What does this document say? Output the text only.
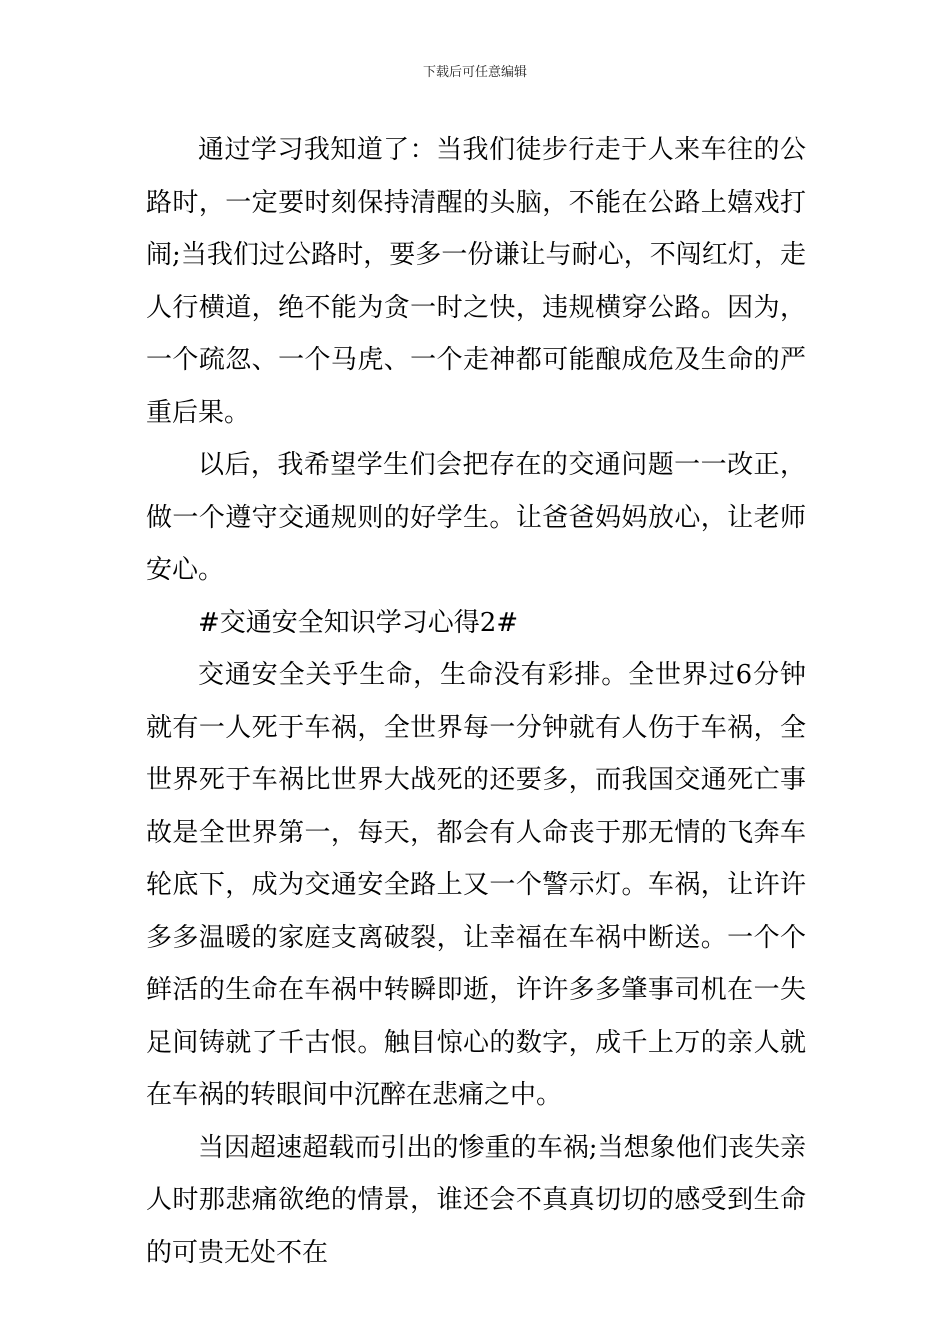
下载后可任意编辑

通过学习我知道了：当我们徒步行走于人来车往的公路时，一定要时刻保持清醒的头脑，不能在公路上嬉戏打闹;当我们过公路时，要多一份谦让与耐心，不闯红灯，走人行横道，绝不能为贪一时之快，违规横穿公路。因为，一个疏忽、一个马虎、一个走神都可能酿成危及生命的严重后果。

以后，我希望学生们会把存在的交通问题一一改正，做一个遵守交通规则的好学生。让爸爸妈妈放心，让老师安心。

#交通安全知识学习心得2#

交通安全关乎生命，生命没有彩排。全世界过6分钟就有一人死于车祸，全世界每一分钟就有人伤于车祸，全世界死于车祸比世界大战死的还要多，而我国交通死亡事故是全世界第一，每天，都会有人命丧于那无情的飞奔车轮底下，成为交通安全路上又一个警示灯。车祸，让许许多多温暖的家庭支离破裂，让幸福在车祸中断送。一个个鲜活的生命在车祸中转瞬即逝，许许多多肇事司机在一失足间铸就了千古恨。触目惊心的数字，成千上万的亲人就在车祸的转眼间中沉醉在悲痛之中。

当因超速超载而引出的惨重的车祸;当想象他们丧失亲人时那悲痛欲绝的情景，谁还会不真真切切的感受到生命的可贵无处不在
